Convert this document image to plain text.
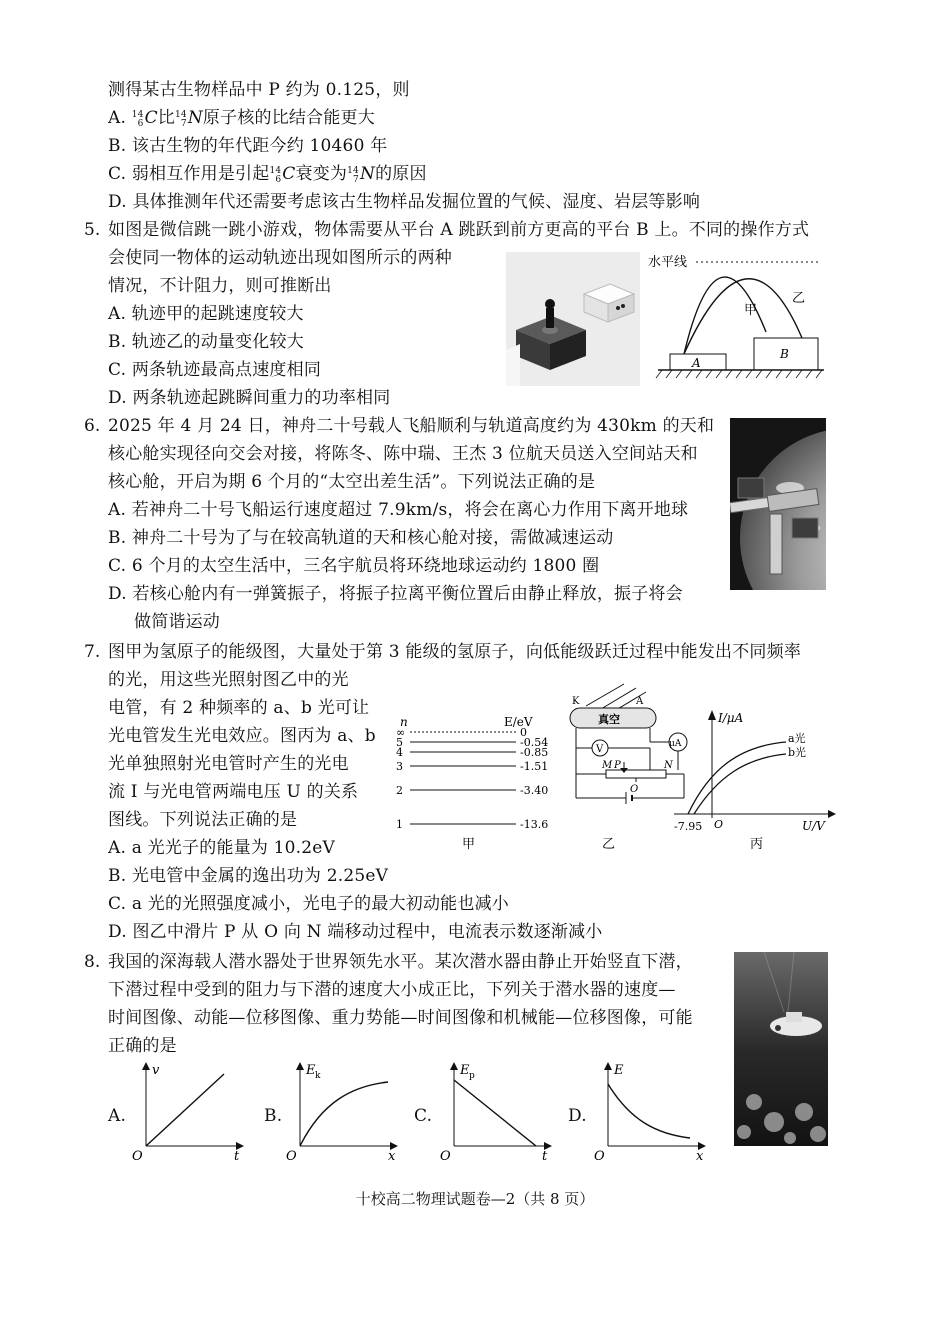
测得某古生物样品中 P 约为 0.125，则
A. 14
6 C比 14
7 N原子核的比结合能更大
B. 该古生物的年代距今约 10460 年
C. 弱相互作用是引起 14
6 C衰变为 14
7 N的原因
D. 具体推测年代还需要考虑该古生物样品发掘位置的气候、湿度、岩层等影响
5. 如图是微信跳一跳小游戏，物体需要从平台 A 跳跃到前方更高的平台 B 上。不同的操作方式
会使同一物体的运动轨迹出现如图所示的两种
情况，不计阻力，则可推断出
A. 轨迹甲的起跳速度较大
B. 轨迹乙的动量变化较大
C. 两条轨迹最高点速度相同
D. 两条轨迹起跳瞬间重力的功率相同
水平线
甲
乙
A
B
6. 2025 年 4 月 24 日，神舟二十号载人飞船顺利与轨道高度约为 430km 的天和
核心舱实现径向交会对接，将陈冬、陈中瑞、王杰 3 位航天员送入空间站天和
核心舱，开启为期 6 个月的“太空出差生活”。下列说法正确的是
A. 若神舟二十号飞船运行速度超过 7.9km/s，将会在离心力作用下离开地球
B. 神舟二十号为了与在较高轨道的天和核心舱对接，需做减速运动
C. 6 个月的太空生活中，三名宇航员将环绕地球运动约 1800 圈
D. 若核心舱内有一弹簧振子，将振子拉离平衡位置后由静止释放，振子将会
做简谐运动
7. 图甲为氢原子的能级图，大量处于第 3 能级的氢原子，向低能级跃迁过程中能发出不同频率
的光，用这些光照射图乙中的光
电管，有 2 种频率的 a、b 光可让
光电管发生光电效应。图丙为 a、b
光单独照射光电管时产生的光电
流 I 与光电管两端电压 U 的关系
图线。下列说法正确的是
A. a 光光子的能量为 10.2eV
B. 光电管中金属的逸出功为 2.25eV
C. a 光的光照强度减小，光电子的最大初动能也减小
D. 图乙中滑片 P 从 O 向 N 端移动过程中，电流表示数逐渐减小
n	E/eV
∞	0
5	-0.54
4	-0.85
3	-1.51
2	-3.40
1	-13.6
甲
K	A
真空
μA
V
M P	N
O
乙
I/μA
U/V
O
-7.95
a光
b光
丙
8. 我国的深海载人潜水器处于世界领先水平。某次潜水器由静止开始竖直下潜，
下潜过程中受到的阻力与下潜的速度大小成正比，下列关于潜水器的速度—
时间图像、动能—位移图像、重力势能—时间图像和机械能—位移图像，可能
正确的是
A.
v
t
O
B.
E k
x
O
C.
E p
t
O
D.
E
x
O
十校高二物理试题卷—2（共 8 页）
